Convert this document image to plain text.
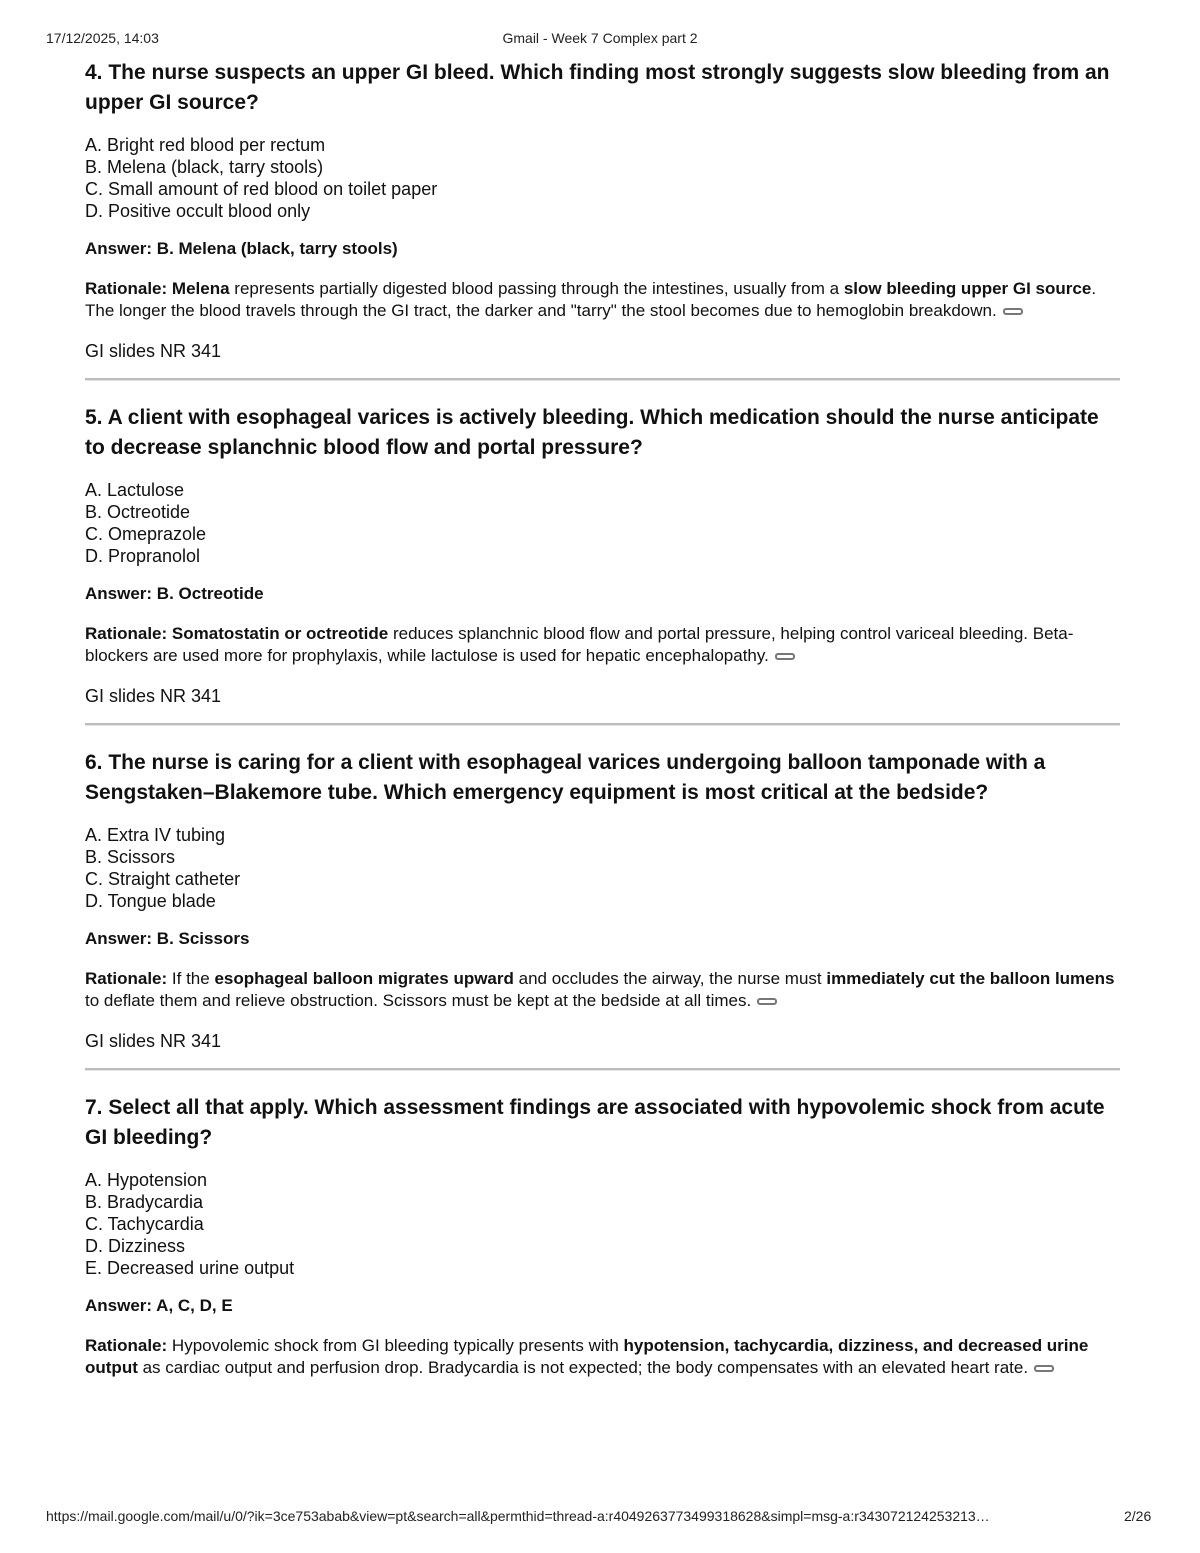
17/12/2025, 14:03	Gmail - Week 7 Complex part 2

4. The nurse suspects an upper GI bleed. Which finding most strongly suggests slow bleeding from an upper GI source?

A. Bright red blood per rectum
B. Melena (black, tarry stools)
C. Small amount of red blood on toilet paper
D. Positive occult blood only

Answer: B. Melena (black, tarry stools)

Rationale: Melena represents partially digested blood passing through the intestines, usually from a slow bleeding upper GI source. The longer the blood travels through the GI tract, the darker and "tarry" the stool becomes due to hemoglobin breakdown.

GI slides NR 341

5. A client with esophageal varices is actively bleeding. Which medication should the nurse anticipate to decrease splanchnic blood flow and portal pressure?

A. Lactulose
B. Octreotide
C. Omeprazole
D. Propranolol

Answer: B. Octreotide

Rationale: Somatostatin or octreotide reduces splanchnic blood flow and portal pressure, helping control variceal bleeding. Beta-blockers are used more for prophylaxis, while lactulose is used for hepatic encephalopathy.

GI slides NR 341

6. The nurse is caring for a client with esophageal varices undergoing balloon tamponade with a Sengstaken–Blakemore tube. Which emergency equipment is most critical at the bedside?

A. Extra IV tubing
B. Scissors
C. Straight catheter
D. Tongue blade

Answer: B. Scissors

Rationale: If the esophageal balloon migrates upward and occludes the airway, the nurse must immediately cut the balloon lumens to deflate them and relieve obstruction. Scissors must be kept at the bedside at all times.

GI slides NR 341

7. Select all that apply. Which assessment findings are associated with hypovolemic shock from acute GI bleeding?

A. Hypotension
B. Bradycardia
C. Tachycardia
D. Dizziness
E. Decreased urine output

Answer: A, C, D, E

Rationale: Hypovolemic shock from GI bleeding typically presents with hypotension, tachycardia, dizziness, and decreased urine output as cardiac output and perfusion drop. Bradycardia is not expected; the body compensates with an elevated heart rate.

https://mail.google.com/mail/u/0/?ik=3ce753abab&view=pt&search=all&permthid=thread-a:r4049263773499318628&simpl=msg-a:r343072124253213…	2/26
